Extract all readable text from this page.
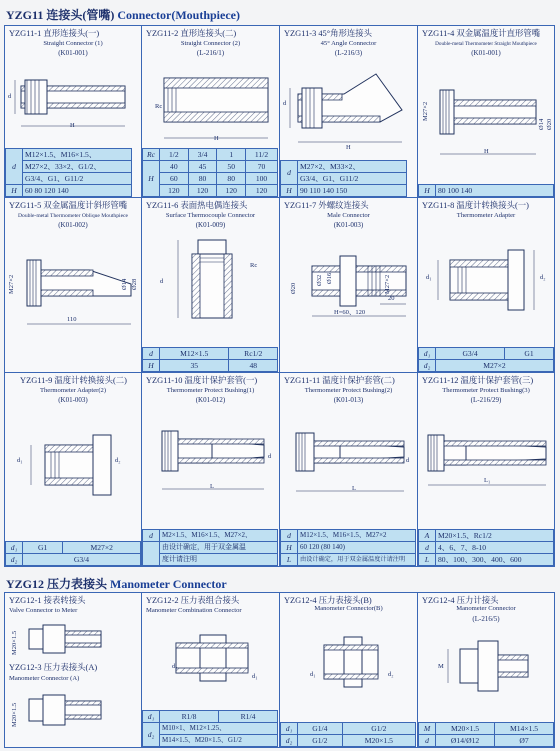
YZG11 连接头(管嘴) Connector(Mouthpiece)
YZG11-1 直形连接头(一)
Straight Connector (1)
(K01-001)
H
d
d	M12×1.5、M16×1.5、
	M27×2、33×2、G1/2、
	G3/4、G1、G11/2
H	60 80 120 140
YZG11-2 直形连接头(二)
Straight Connector (2)
(L-216/1)
Rc
H
Rc	1/2	3/4	1	11/2
H	40	45	50	70
	60	80	80	100
	120	120	120	120
YZG11-3 45°角形连接头
45° Angle Connector
(L-216/3)
d
H
d	M27×2、M33×2、
	G3/4、G1、G11/2
H	90 110 140 150
YZG11-4 双金属温度计直形管嘴
Double-metal Thermometer Straight Mouthpiece
(K01-001)
M27×2
Ø14 Ø20
H
H	80 100 140
YZG11-5 双金属温度计斜形管嘴
Double-metal Thermometer Oblique Mouthpiece
(K01-002)
M27×2
110
Ø14 Ø28
YZG11-6 表面热电偶连接头
Surface Thermocouple Connector
(K01-009)
d
Rc
d	M12×1.5	Rc1/2
H	35	48
YZG11-7 外螺纹连接头
Male Connector
(K01-003)
Ø20
Ø32 Ø16	M27×2
20
H=60、120
YZG11-8 温度计转换接头(一)
Thermometer Adapter
d₁	d₂
d₁	G3/4	G1
d₂	M27×2	
YZG11-9 温度计转换接头(二)
Thermometer Adapter(2)
(K01-003)
d₁	d₂
d₁	G1	M27×2
d₂	G3/4	
YZG11-10 温度计保护套管(一)
Thermometer Protect Bushing(1)
(K01-012)
L
d
d	M2×1.5、M16×1.5、M27×2、
	由设计确定，用于双金属温
	度计请注明
YZG11-11 温度计保护套管(二)
Thermometer Protect Bushing(2)
(K01-013)
L
d
d	M12×1.5、M16×1.5、M27×2
H	60 120 (80 140)
L	由设计确定，用于双金属温度计请注明
YZG11-12 温度计保护套管(三)
Thermometer Protect Bushing(3)
(L-216/29)
L₁
A	M20×1.5、Rc1/2
d	4、6、7、8-10
L	80、100、300、400、600
YZG12 压力表接头 Manometer Connector
YZG12-1 接表转接头
Valve Connector to Meter
M20×1.5
YZG12-3 压力表接头(A)
Manometer Connector (A)
M20×1.5
YZG12-2 压力表组合接头
Manometer Combination Connector
d₂
d₁
d₁	R1/8	R1/4
d₂	M10×1、M12×1.25、	
	M14×1.5、M20×1.5、G1/2	
YZG12-4 压力表接头(B)
Manometer Connector(B)
d₁	d₂
d₁	G1/4	G1/2
d₂	G1/2	M20×1.5
YZG12-4 压力计接头
Manometer Connector
(L-216/5)
M
M	M20×1.5	M14×1.5
d	Ø14/Ø12	Ø7
